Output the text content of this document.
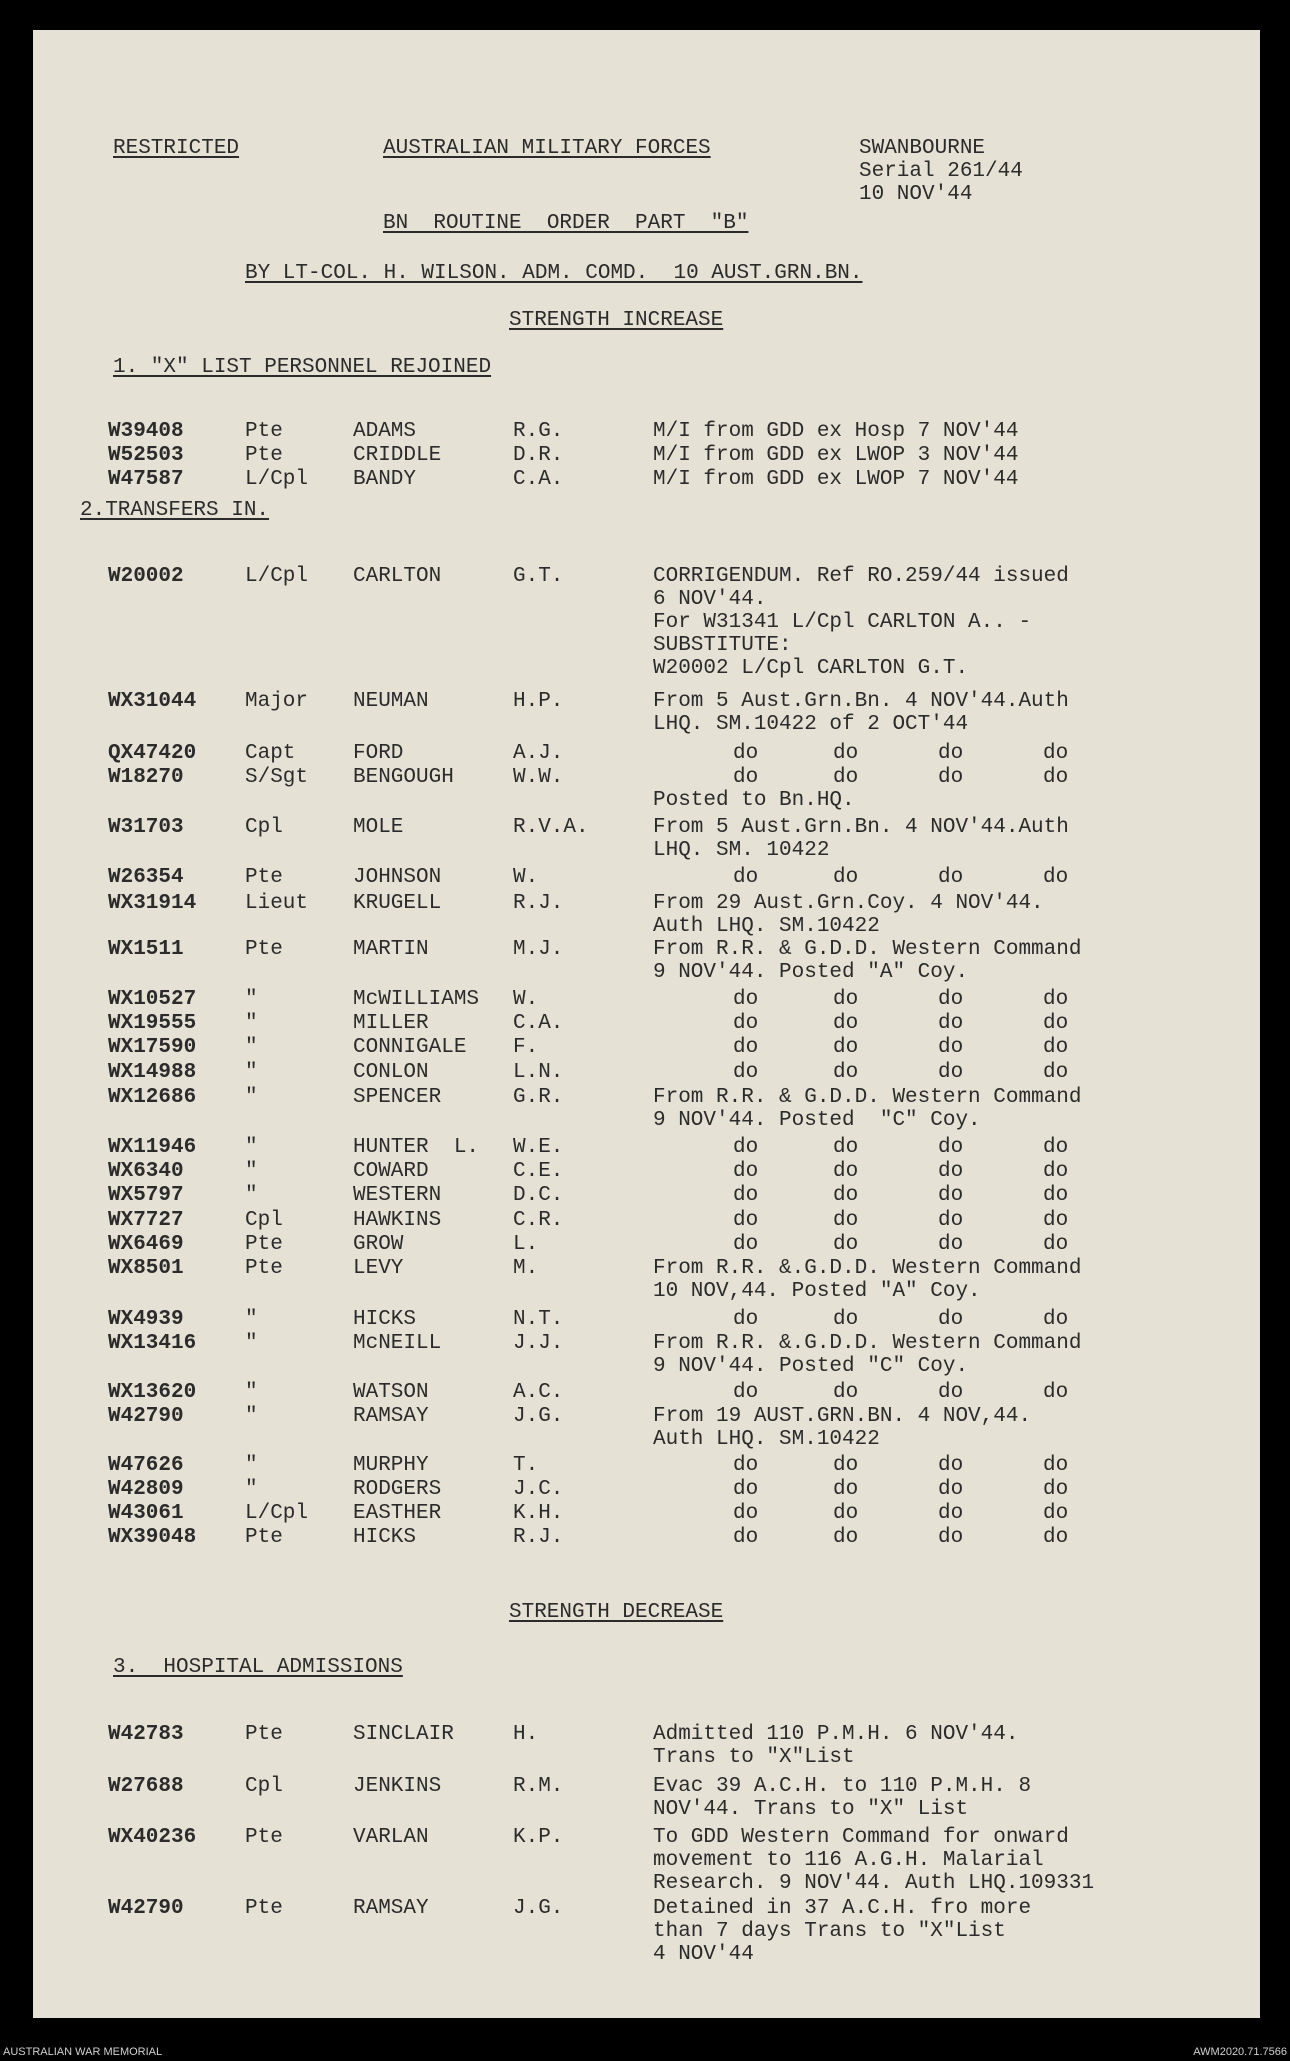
RESTRICTED	AUSTRALIAN MILITARY FORCES	SWANBOURNE
Serial 261/44
10 NOV'44
BN  ROUTINE  ORDER  PART  "B"
BY LT-COL. H. WILSON. ADM. COMD.  10 AUST.GRN.BN.
STRENGTH INCREASE
1. "X" LIST PERSONNEL REJOINED
2.TRANSFERS IN.
STRENGTH DECREASE
3.  HOSPITAL ADMISSIONS
W39408	Pte	ADAMS	R.G.	M/I from GDD ex Hosp 7 NOV'44
W52503	Pte	CRIDDLE	D.R.	M/I from GDD ex LWOP 3 NOV'44
W47587	L/Cpl BANDY	C.A.	M/I from GDD ex LWOP 7 NOV'44
W20002	L/Cpl CARLTON	G.T.	CORRIGENDUM. Ref RO.259/44 issued
6 NOV'44.
For W31341 L/Cpl CARLTON A.. -
SUBSTITUTE:
W20002 L/Cpl CARLTON G.T.
WX31044 Major NEUMAN	H.P.	From 5 Aust.Grn.Bn. 4 NOV'44.Auth
LHQ. SM.10422 of 2 OCT'44
QX47420 Capt	FORD	A.J.	do	do	do	do
W18270	S/Sgt BENGOUGH	W.W.	do	do	do	do
Posted to Bn.HQ.
W31703	Cpl	MOLE	R.V.A.	From 5 Aust.Grn.Bn. 4 NOV'44.Auth
LHQ. SM. 10422
W26354	Pte	JOHNSON	W.	do	do	do	do
WX31914 Lieut KRUGELL	R.J.	From 29 Aust.Grn.Coy. 4 NOV'44.
Auth LHQ. SM.10422
WX1511	Pte	MARTIN	M.J.	From R.R. & G.D.D. Western Command
9 NOV'44. Posted "A" Coy.
WX10527 "	McWILLIAMS W.	do	do	do	do
WX19555 "	MILLER	C.A.	do	do	do	do
WX17590 "	CONNIGALE F.	do	do	do	do
WX14988 "	CONLON	L.N.	do	do	do	do
WX12686 "	SPENCER	G.R.	From R.R. & G.D.D. Western Command
9 NOV'44. Posted  "C" Coy.
WX11946 "	HUNTER  L. W.E.	do	do	do	do
WX6340	"	COWARD	C.E.	do	do	do	do
WX5797	"	WESTERN	D.C.	do	do	do	do
WX7727	Cpl	HAWKINS	C.R.	do	do	do	do
WX6469	Pte	GROW	L.	do	do	do	do
WX8501	Pte	LEVY	M.	From R.R. &.G.D.D. Western Command
10 NOV,44. Posted "A" Coy.
WX4939	"	HICKS	N.T.	do	do	do	do
WX13416 "	McNEILL	J.J.	From R.R. &.G.D.D. Western Command
9 NOV'44. Posted "C" Coy.
WX13620 "	WATSON	A.C.	do	do	do	do
W42790	"	RAMSAY	J.G.	From 19 AUST.GRN.BN. 4 NOV,44.
Auth LHQ. SM.10422
W47626	"	MURPHY	T.	do	do	do	do
W42809	"	RODGERS	J.C.	do	do	do	do
W43061	L/Cpl EASTHER	K.H.	do	do	do	do
WX39048 Pte	HICKS	R.J.	do	do	do	do
W42783	Pte	SINCLAIR	H.	Admitted 110 P.M.H. 6 NOV'44.
Trans to "X"List
W27688	Cpl	JENKINS	R.M.	Evac 39 A.C.H. to 110 P.M.H. 8
NOV'44. Trans to "X" List
WX40236 Pte	VARLAN	K.P.	To GDD Western Command for onward
movement to 116 A.G.H. Malarial
Research. 9 NOV'44. Auth LHQ.109331
W42790	Pte	RAMSAY	J.G.	Detained in 37 A.C.H. fro more
than 7 days Trans to "X"List
4 NOV'44
AUSTRALIAN WAR MEMORIAL	AWM2020.71.7566
